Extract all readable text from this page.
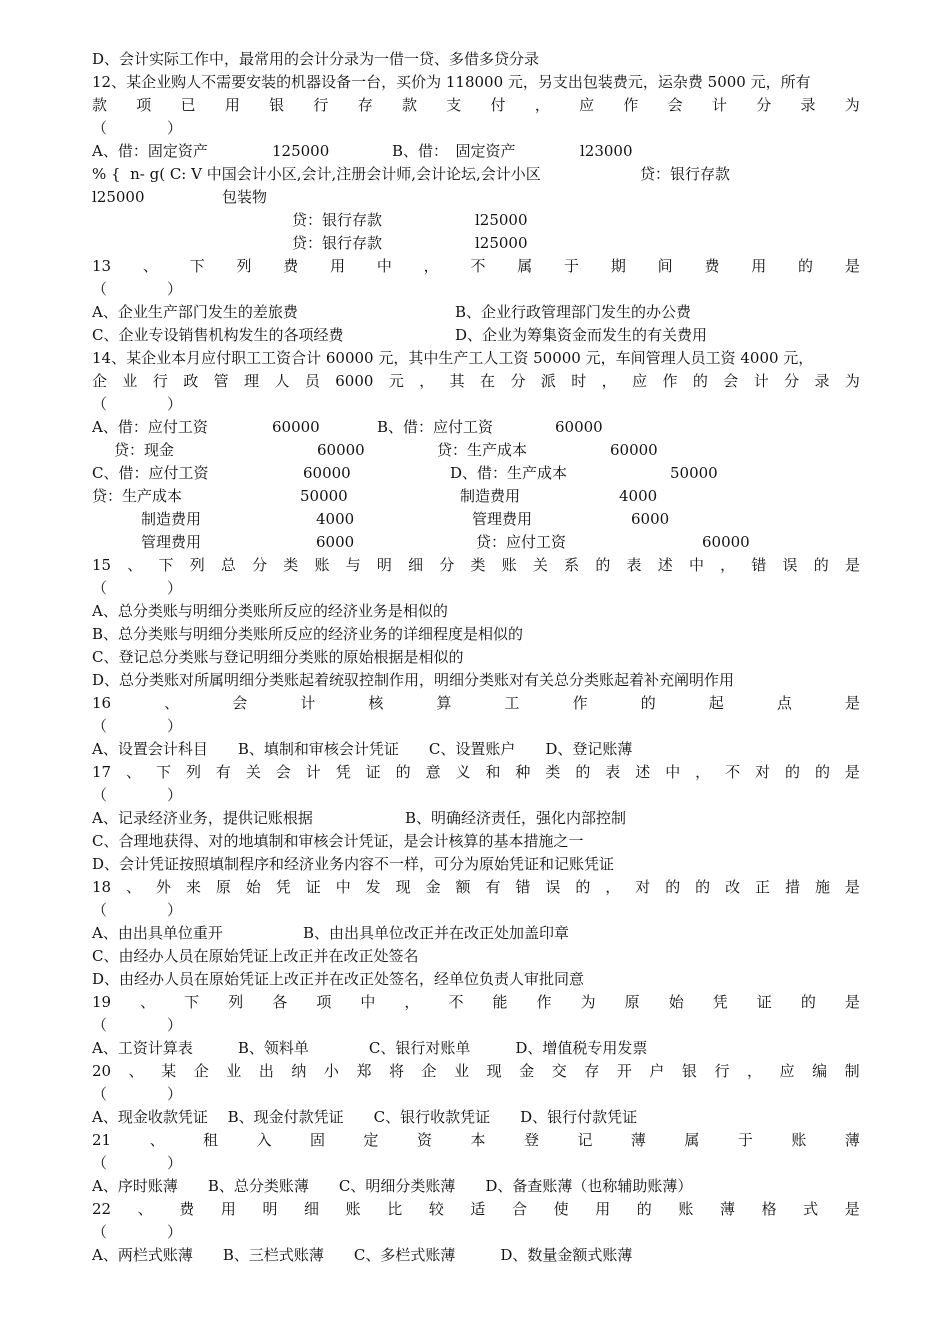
D、会计实际工作中，最常用的会计分录为一借一贷、多借多贷分录
12、某企业购人不需要安装的机器设备一台，买价为 118000 元，另支出包装费元，运杂费 5000 元，所有
款 项 已 用 银 行 存 款 支 付 ， 应 作 会 计 分 录 为
（　　　　）
A、借：固定资产	125000	B、借：　固定资产	l23000
% {  n- g( C: V 中国会计小区,会计,注册会计师,会计论坛,会计小区	贷：银行存款
l25000	包装物
贷：银行存款	l25000
贷：银行存款	l25000
13 、 下 列 费 用 中 ， 不 属 于 期 间 费 用 的 是
（　　　　）
A、企业生产部门发生的差旅费	B、企业行政管理部门发生的办公费
C、企业专设销售机构发生的各项经费	D、企业为筹集资金而发生的有关费用
14、某企业本月应付职工工资合计 60000 元，其中生产工人工资 50000 元，车间管理人员工资 4000 元，
企 业 行 政 管 理 人 员 6000 元 ， 其 在 分 派 时 ， 应 作 的 会 计 分 录 为
（　　　　）
A、借：应付工资	60000	B、借：应付工资	60000
贷：现金	60000	贷：生产成本	60000
C、借：应付工资	60000	D、借：生产成本	50000
贷：生产成本	50000	制造费用	4000
制造费用	4000	管理费用	6000
管理费用	6000	贷：应付工资	60000
15 、 下 列 总 分 类 账 与 明 细 分 类 账 关 系 的 表 述 中 ， 错 误 的 是
（　　　　）
A、总分类账与明细分类账所反应的经济业务是相似的
B、总分类账与明细分类账所反应的经济业务的详细程度是相似的
C、登记总分类账与登记明细分类账的原始根据是相似的
D、总分类账对所属明细分类账起着统驭控制作用，明细分类账对有关总分类账起着补充阐明作用
16	、	会	计	核	算	工	作	的	起	点	是
（　　　　）
A、设置会计科目　　B、填制和审核会计凭证　　C、设置账户　　D、登记账薄
17 、 下 列 有 关 会 计 凭 证 的 意 义 和 种 类 的 表 述 中 ， 不 对 的 的 是
（　　　　）
A、记录经济业务，提供记账根据	B、明确经济责任，强化内部控制
C、合理地获得、对的地填制和审核会计凭证，是会计核算的基本措施之一
D、会计凭证按照填制程序和经济业务内容不一样，可分为原始凭证和记账凭证
18 、 外 来 原 始 凭 证 中 发 现 金 额 有 错 误 的 ， 对 的 的 改 正 措 施 是
（　　　　）
A、由出具单位重开	B、由出具单位改正并在改正处加盖印章
C、由经办人员在原始凭证上改正并在改正处签名
D、由经办人员在原始凭证上改正并在改正处签名，经单位负责人审批同意
19 、 下 列 各 项 中 ， 不 能 作 为 原 始 凭 证 的 是
（　　　　）
A、工资计算表　　　B、领料单　　　　C、银行对账单　　　D、增值税专用发票
20 、 某 企 业 出 纳 小 郑 将 企 业 现 金 交 存 开 户 银 行 ， 应 编 制
（　　　　）
A、现金收款凭证　 B、现金付款凭证　　C、银行收款凭证　　D、银行付款凭证
21	、	租	入	固	定	资	本	登	记	薄	属	于	账	薄
（　　　　）
A、序时账薄　　B、总分类账薄　　C、明细分类账薄　　D、备查账薄（也称辅助账薄）
22 、 费 用 明 细 账 比 较 适 合 使 用 的 账 薄 格 式 是
（　　　　）
A、两栏式账薄　　B、三栏式账薄　　C、多栏式账薄　　　D、数量金额式账薄
